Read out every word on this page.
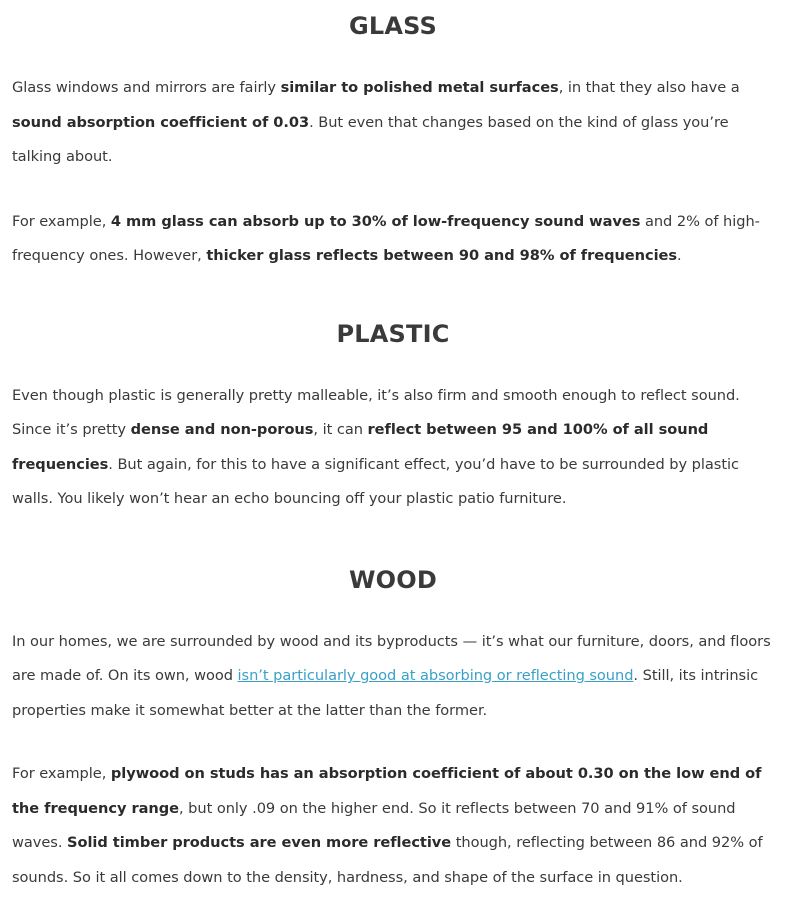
GLASS

Glass windows and mirrors are fairly similar to polished metal surfaces, in that they also have a sound absorption coefficient of 0.03. But even that changes based on the kind of glass you’re talking about.

For example, 4 mm glass can absorb up to 30% of low-frequency sound waves and 2% of high-frequency ones. However, thicker glass reflects between 90 and 98% of frequencies.

PLASTIC

Even though plastic is generally pretty malleable, it’s also firm and smooth enough to reflect sound. Since it’s pretty dense and non-porous, it can reflect between 95 and 100% of all sound frequencies. But again, for this to have a significant effect, you’d have to be surrounded by plastic walls. You likely won’t hear an echo bouncing off your plastic patio furniture.

WOOD

In our homes, we are surrounded by wood and its byproducts — it’s what our furniture, doors, and floors are made of. On its own, wood isn’t particularly good at absorbing or reflecting sound. Still, its intrinsic properties make it somewhat better at the latter than the former.

For example, plywood on studs has an absorption coefficient of about 0.30 on the low end of the frequency range, but only .09 on the higher end. So it reflects between 70 and 91% of sound waves. Solid timber products are even more reflective though, reflecting between 86 and 92% of sounds. So it all comes down to the density, hardness, and shape of the surface in question.
